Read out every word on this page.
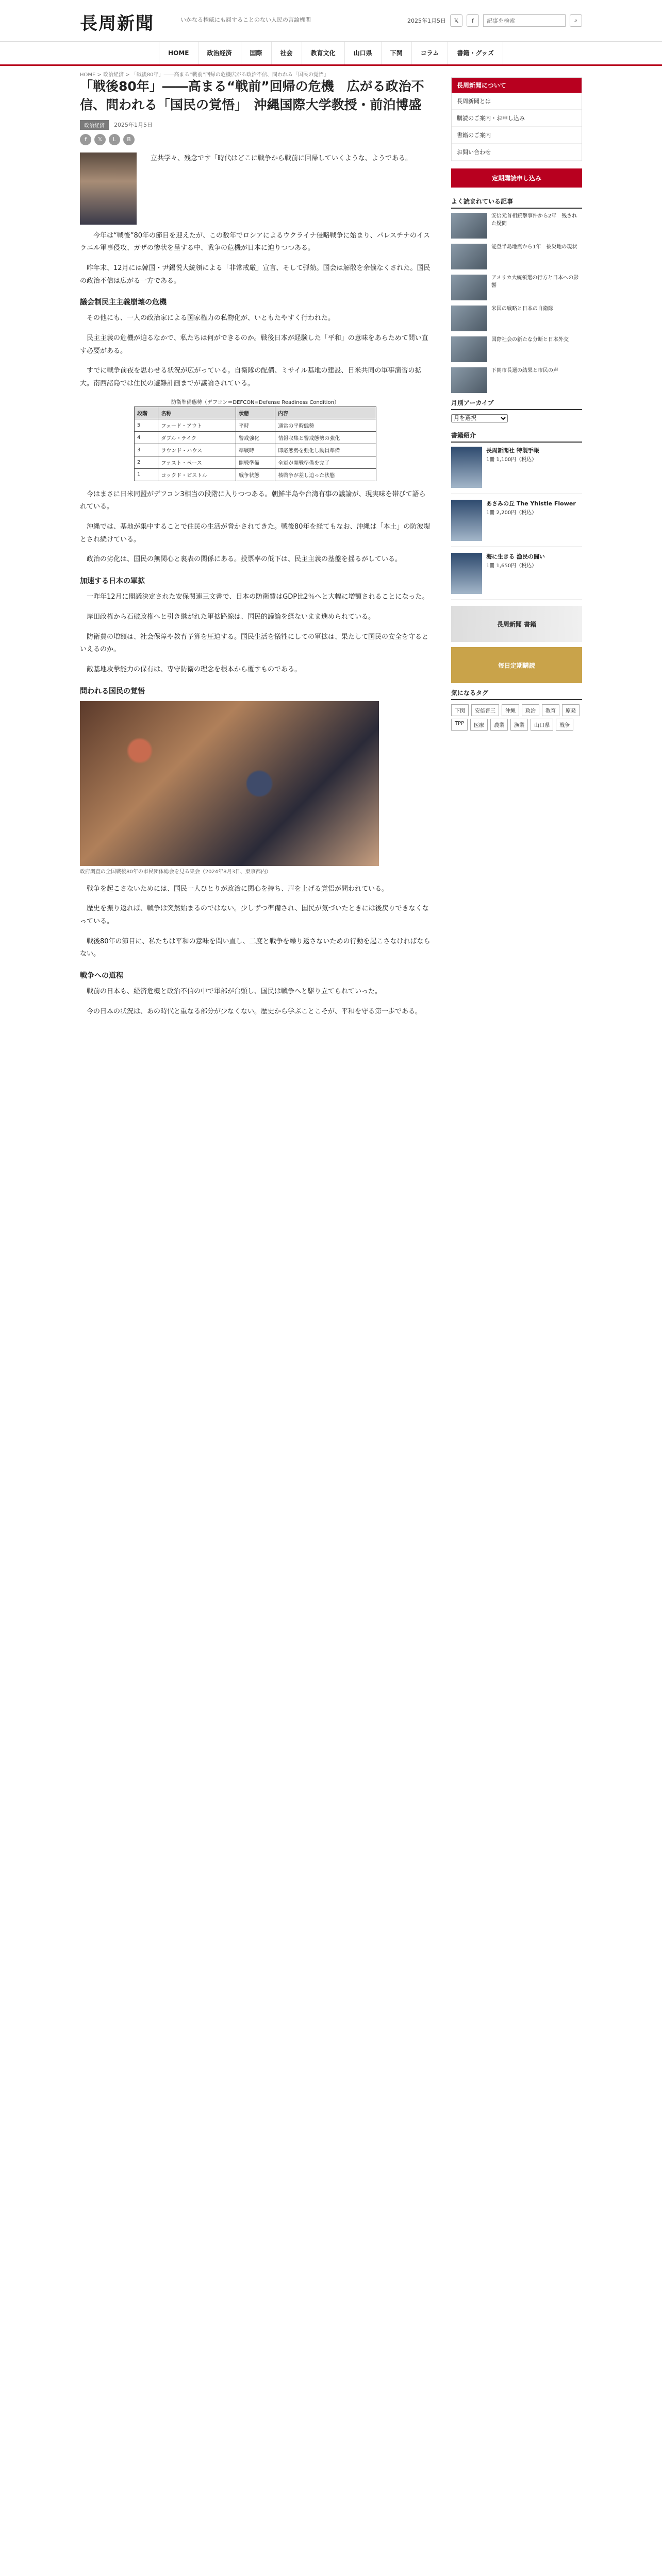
長周新聞	いかなる権威にも屈することのない人民の言論機関	2025年1月5日	𝕏	f
記事を検索	⌕
HOME	政治経済	国際	社会	教育文化	山口県	下関	コラム	書籍・グッズ
HOME > 政治経済 > 「戦後80年」――高まる“戦前”回帰の危機広がる政治不信、問われる「国民の覚悟」
「戦後80年」――高まる“戦前”回帰の危機　広がる政治不信、問われる「国民の覚悟」　沖縄国際大学教授・前泊博盛
政治経済	2025年1月5日
f	𝕏	L	B

　立共学々、残念です「時代はどこに戦争から戦前に回帰していくような、ようである。

　今年は“戦後”80年の節目を迎えたが、この数年でロシアによるウクライナ侵略戦争に始まり、パレスチナのイスラエル軍事侵攻、ガザの惨状を呈する中、戦争の危機が日本に迫りつつある。

昨年末、12月には韓国・尹錫悦大統領による「非常戒厳」宣言、そして弾劾。国会は解散を余儀なくされた。国民の政治不信は広がる一方である。

議会制民主主義崩壊の危機

その他にも、一人の政治家による国家権力の私物化が、いともたやすく行われた。

民主主義の危機が迫るなかで、私たちは何ができるのか。戦後日本が経験した「平和」の意味をあらためて問い直す必要がある。

すでに戦争前夜を思わせる状況が広がっている。自衛隊の配備、ミサイル基地の建設、日米共同の軍事演習の拡大。南西諸島では住民の避難計画までが議論されている。

防衛準備態勢（デフコン＝DEFCON=Defense Readiness Condition）
段階	名称	状態	内容
5	フェード・アウト	平時	通常の平時態勢
4	ダブル・テイク	警戒強化	情報収集と警戒態勢の強化
3	ラウンド・ハウス	準戦時	即応態勢を強化し動員準備
2	ファスト・ペース	開戦準備	全軍が開戦準備を完了
1	コックド・ピストル	戦争状態	核戦争が差し迫った状態

今はまさに日米同盟がデフコン3相当の段階に入りつつある。朝鮮半島や台湾有事の議論が、現実味を帯びて語られている。

沖縄では、基地が集中することで住民の生活が脅かされてきた。戦後80年を経てもなお、沖縄は「本土」の防波堤とされ続けている。

政治の劣化は、国民の無関心と裏表の関係にある。投票率の低下は、民主主義の基盤を揺るがしている。

加速する日本の軍拡

一昨年12月に閣議決定された安保関連三文書で、日本の防衛費はGDP比2％へと大幅に増額されることになった。

岸田政権から石破政権へと引き継がれた軍拡路線は、国民的議論を経ないまま進められている。

防衛費の増額は、社会保障や教育予算を圧迫する。国民生活を犠牲にしての軍拡は、果たして国民の安全を守るといえるのか。

敵基地攻撃能力の保有は、専守防衛の理念を根本から覆すものである。

問われる国民の覚悟
政府調査の全国戦後80年の市民団体総会を見る集会（2024年8月3日、東京都内）

戦争を起こさないためには、国民一人ひとりが政治に関心を持ち、声を上げる覚悟が問われている。

歴史を振り返れば、戦争は突然始まるのではない。少しずつ準備され、国民が気づいたときには後戻りできなくなっている。

戦後80年の節目に、私たちは平和の意味を問い直し、二度と戦争を繰り返さないための行動を起こさなければならない。

戦争への道程

戦前の日本も、経済危機と政治不信の中で軍部が台頭し、国民は戦争へと駆り立てられていった。

今の日本の状況は、あの時代と重なる部分が少なくない。歴史から学ぶことこそが、平和を守る第一歩である。

長周新聞について
長周新聞とは
購読のご案内・お申し込み
書籍のご案内
お問い合わせ
定期購読申し込み
よく読まれている記事
安倍元首相銃撃事件から2年　残された疑問
能登半島地震から1年　被災地の現状
アメリカ大統領選の行方と日本への影響
米国の戦略と日本の自衛隊
国際社会の新たな分断と日本外交
下関市長選の結果と市民の声
月別アーカイブ
月を選択
書籍紹介
長周新聞社 特製手帳
1冊 1,100円（税込）
あさみの丘 The Yhistle Flower
1冊 2,200円（税込）
海に生きる 漁民の闘い
1冊 1,650円（税込）
長周新聞 書籍
毎日定期購読
気になるタグ
下関	安倍晋三	沖縄	政治	教育	原発
TPP	医療	農業	漁業	山口県	戦争
